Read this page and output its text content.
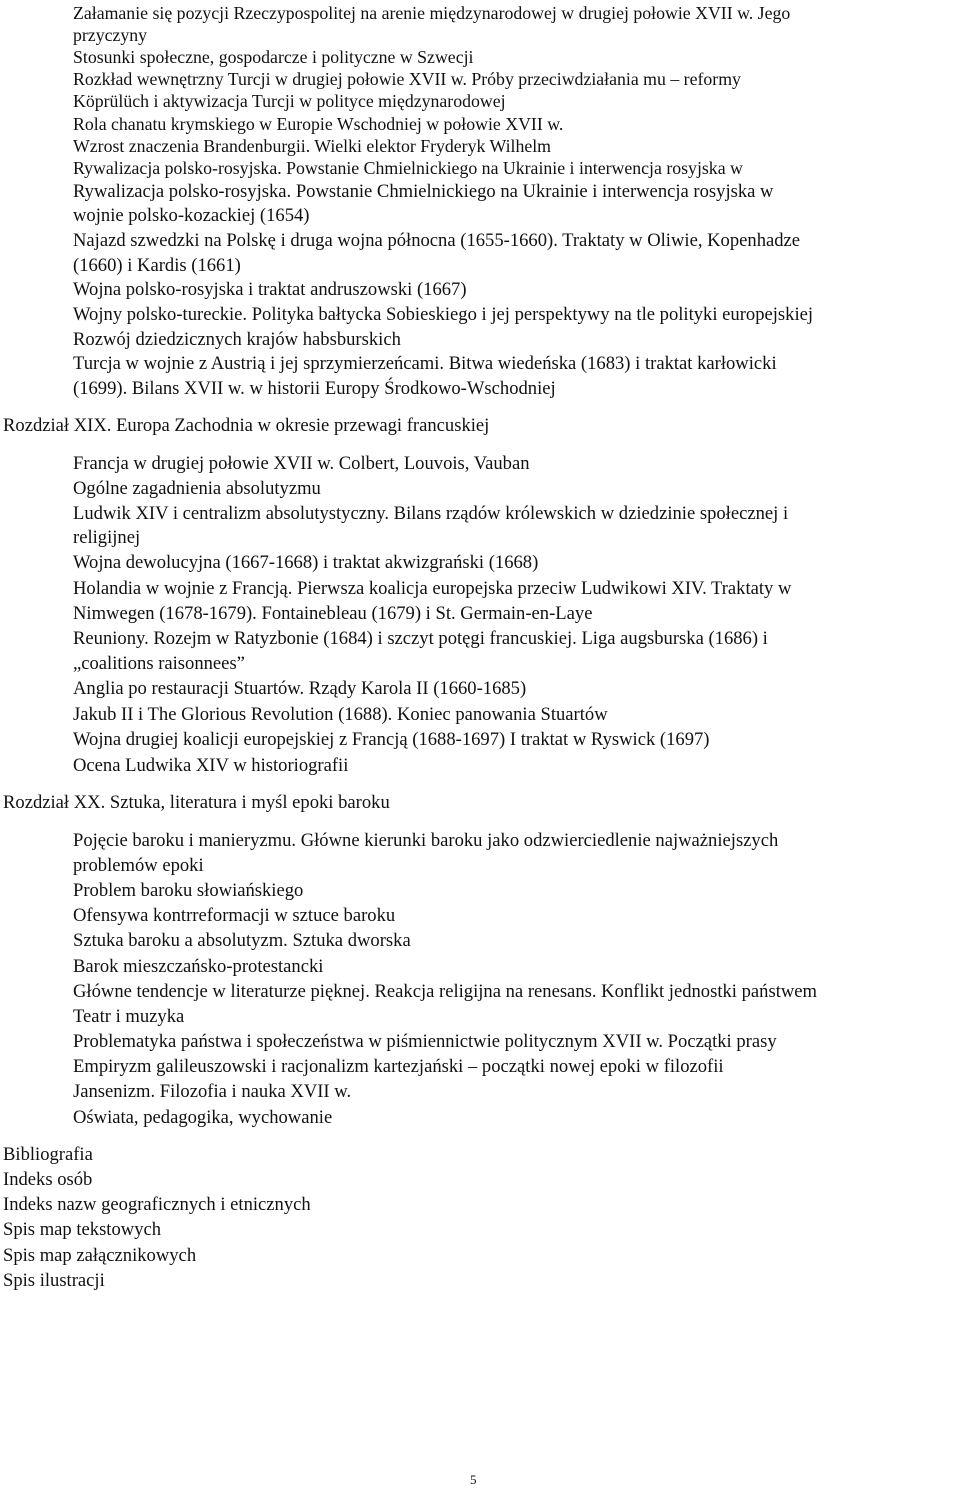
Załamanie się pozycji Rzeczypospolitej na arenie międzynarodowej w drugiej połowie XVII w. Jego
przyczyny
Stosunki społeczne, gospodarcze i polityczne w Szwecji
Rozkład wewnętrzny Turcji w drugiej połowie XVII w. Próby przeciwdziałania mu – reformy
Köprülüch i aktywizacja Turcji w polityce międzynarodowej
Rola chanatu krymskiego w Europie Wschodniej w połowie XVII w.
Wzrost znaczenia Brandenburgii. Wielki elektor Fryderyk Wilhelm
Rywalizacja polsko-rosyjska. Powstanie Chmielnickiego na Ukrainie i interwencja rosyjska w
Rywalizacja polsko-rosyjska. Powstanie Chmielnickiego na Ukrainie i interwencja rosyjska w
wojnie polsko-kozackiej (1654)
Najazd szwedzki na Polskę i druga wojna północna (1655-1660). Traktaty w Oliwie, Kopenhadze
(1660) i Kardis (1661)
Wojna polsko-rosyjska i traktat andruszowski (1667)
Wojny polsko-tureckie. Polityka bałtycka Sobieskiego i jej perspektywy na tle polityki europejskiej
Rozwój dziedzicznych krajów habsburskich
Turcja w wojnie z Austrią i jej sprzymierzeńcami. Bitwa wiedeńska (1683) i traktat karłowicki
(1699). Bilans XVII w. w historii Europy Środkowo-Wschodniej
Rozdział XIX. Europa Zachodnia w okresie przewagi francuskiej
Francja w drugiej połowie XVII w. Colbert, Louvois, Vauban
Ogólne zagadnienia absolutyzmu
Ludwik XIV i centralizm absolutystyczny. Bilans rządów królewskich w dziedzinie społecznej i
religijnej
Wojna dewolucyjna (1667-1668) i traktat akwizgrański (1668)
Holandia w wojnie z Francją. Pierwsza koalicja europejska przeciw Ludwikowi XIV. Traktaty w
Nimwegen (1678-1679). Fontainebleau (1679) i St. Germain-en-Laye
Reuniony. Rozejm w Ratyzbonie (1684) i szczyt potęgi francuskiej. Liga augsburska (1686) i
„coalitions raisonnees”
Anglia po restauracji Stuartów. Rządy Karola II (1660-1685)
Jakub II i The Glorious Revolution (1688). Koniec panowania Stuartów
Wojna drugiej koalicji europejskiej z Francją (1688-1697) I traktat w Ryswick (1697)
Ocena Ludwika XIV w historiografii
Rozdział XX. Sztuka, literatura i myśl epoki baroku
Pojęcie baroku i manieryzmu. Główne kierunki baroku jako odzwierciedlenie najważniejszych
problemów epoki
Problem baroku słowiańskiego
Ofensywa kontrreformacji w sztuce baroku
Sztuka baroku a absolutyzm. Sztuka dworska
Barok mieszczańsko-protestancki
Główne tendencje w literaturze pięknej. Reakcja religijna na renesans. Konflikt jednostki państwem
Teatr i muzyka
Problematyka państwa i społeczeństwa w piśmiennictwie politycznym XVII w. Początki prasy
Empiryzm galileuszowski i racjonalizm kartezjański – początki nowej epoki w filozofii
Jansenizm. Filozofia i nauka XVII w.
Oświata, pedagogika, wychowanie
Bibliografia
Indeks osób
Indeks nazw geograficznych i etnicznych
Spis map tekstowych
Spis map załącznikowych
Spis ilustracji
5
